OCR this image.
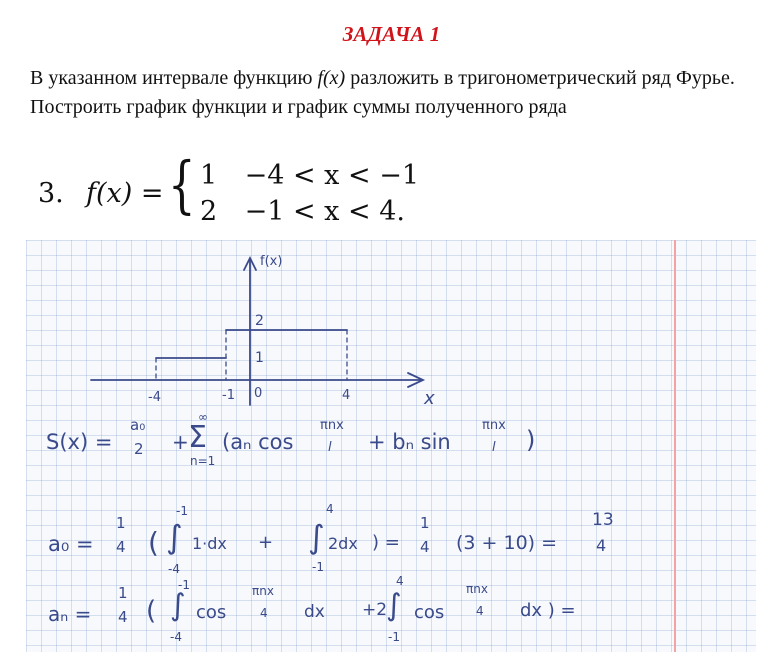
ЗАДАЧА 1
В указанном интервале функцию f(x) разложить в тригонометрический ряд Фурье. Построить график функции и график суммы полученного ряда
3. f(x) = { 1 −4 < x < −1
2 −1 < x < 4.
f(x)
x
-4	-1 0	4
1
2
S(x) =
a₀
2 +
∞
Σ
n=1
(aₙ cos
πnx
l + bₙ sin
πnx
l )
a₀ =
1
4 (
-1
∫
-4
1·dx +
4
∫
-1
2dx ) =
1
4 (3 + 10) =
13
4
aₙ =
1
4 (
-1
∫
-4
cos
πnx
4 dx +2
4
∫
-1
cos
πnx
4 dx ) =
